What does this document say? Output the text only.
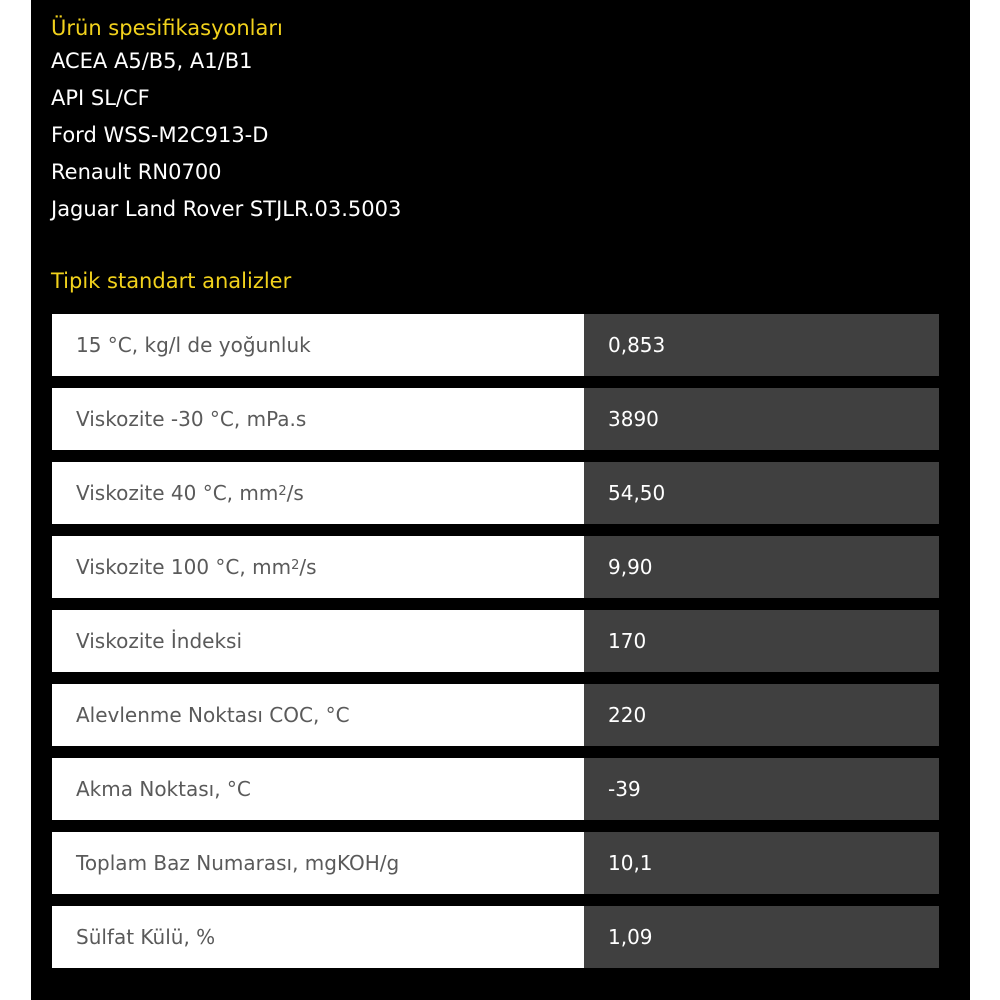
Ürün spesifikasyonları
ACEA A5/B5, A1/B1
API SL/CF
Ford WSS-M2C913-D
Renault RN0700
Jaguar Land Rover STJLR.03.5003
Tipik standart analizler
15 °C, kg/l de yoğunluk	0,853
Viskozite -30 °C, mPa.s	3890
Viskozite 40 °C, $mm^2$ /s	54,50
Viskozite 100 °C, $mm^2$ /s	9,90
Viskozite İndeksi	170
Alevlenme Noktası COC, °C	220
Akma Noktası, °C	-39
Toplam Baz Numarası, mgKOH/g	10,1
Sülfat Külü, %	1,09
